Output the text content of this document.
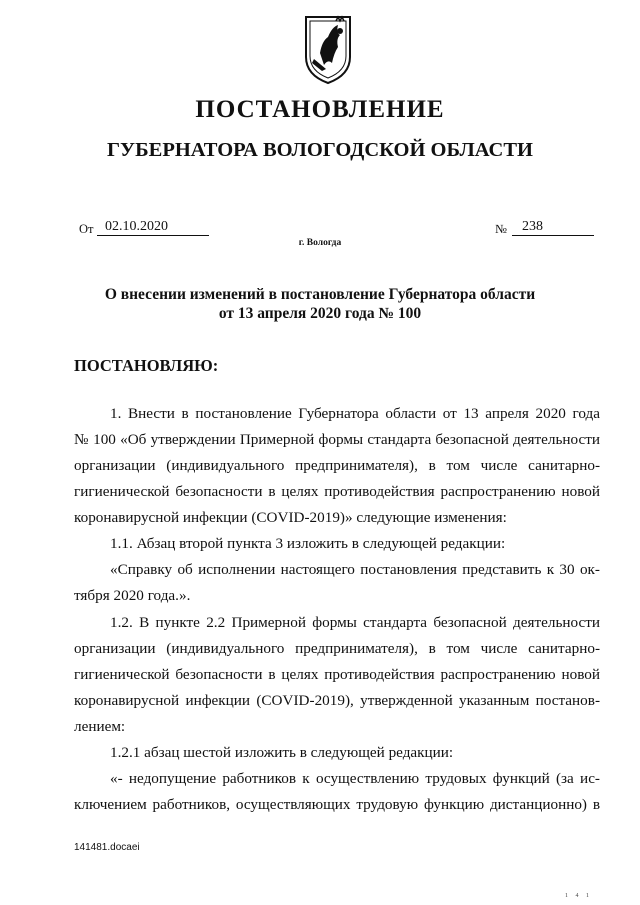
ПОСТАНОВЛЕНИЕ
ГУБЕРНАТОРА ВОЛОГОДСКОЙ ОБЛАСТИ
От 02.10.2020	№	238
г. Вологда
О внесении изменений в постановление Губернатора области
от 13 апреля 2020 года № 100
ПОСТАНОВЛЯЮ:
1. Внести в постановление Губернатора области от 13 апреля 2020 года
№ 100 «Об утверждении Примерной формы стандарта безопасной деятельности
организации (индивидуального предпринимателя), в том числе санитарно-
гигиенической безопасности в целях противодействия распространению новой
коронавирусной инфекции (COVID-2019)» следующие изменения:
1.1. Абзац второй пункта 3 изложить в следующей редакции:
«Справку об исполнении настоящего постановления представить к 30 ок-
тября 2020 года.».
1.2. В пункте 2.2 Примерной формы стандарта безопасной деятельности
организации (индивидуального предпринимателя), в том числе санитарно-
гигиенической безопасности в целях противодействия распространению новой
коронавирусной инфекции (COVID-2019), утвержденной указанным постанов-
лением:
1.2.1 абзац шестой изложить в следующей редакции:
«- недопущение работников к осуществлению трудовых функций (за ис-
ключением работников, осуществляющих трудовую функцию дистанционно) в
141481.docaei
1 4 1
